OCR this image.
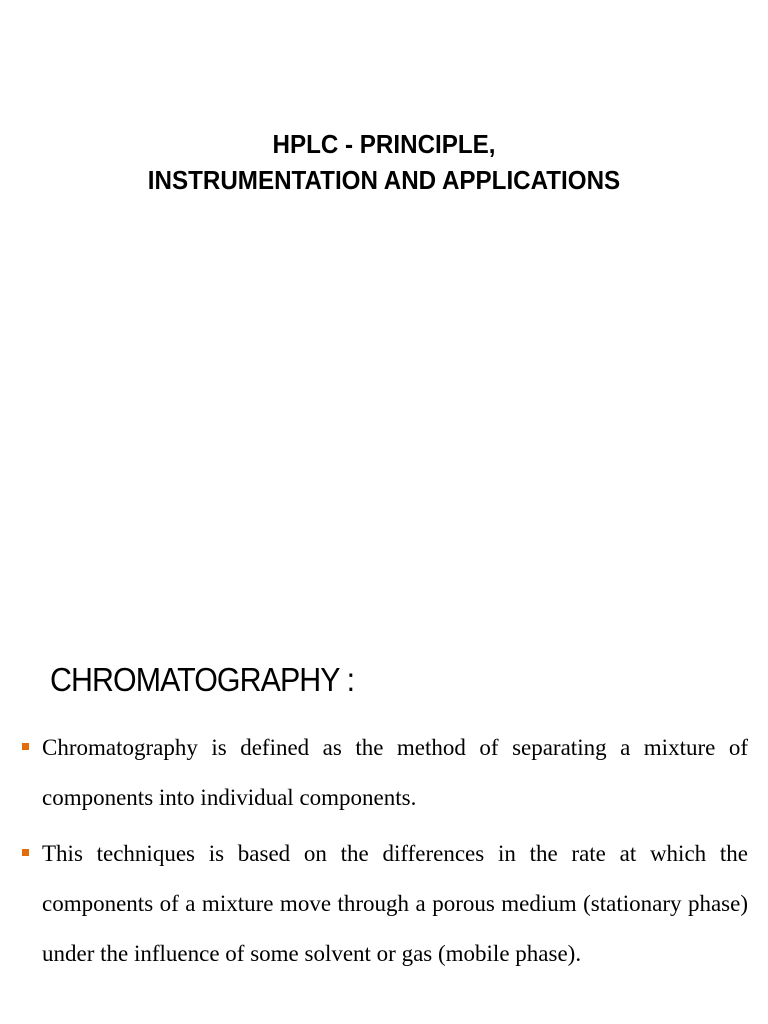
HPLC - PRINCIPLE,
INSTRUMENTATION AND APPLICATIONS
CHROMATOGRAPHY :
Chromatography is defined as the method of separating a mixture of components into individual components.
This techniques is based on the differences in the rate at which the components of a mixture move through a porous medium (stationary phase) under the influence of some solvent or gas (mobile phase).
